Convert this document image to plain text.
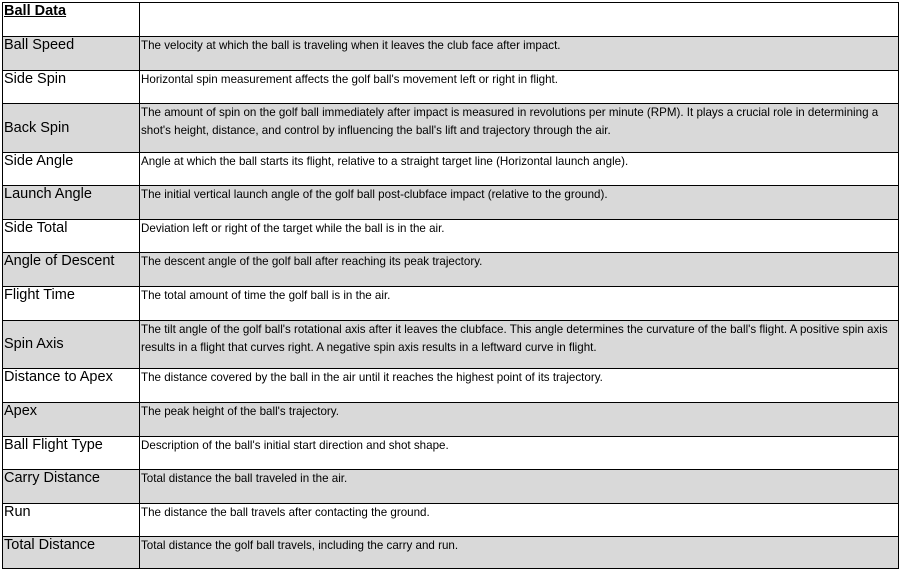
Ball Data	
Ball Speed	The velocity at which the ball is traveling when it leaves the club face after impact.
Side Spin	Horizontal spin measurement affects the golf ball's movement left or right in flight.
Back Spin	The amount of spin on the golf ball immediately after impact is measured in revolutions per minute (RPM). It plays a crucial role in determining a shot's height, distance, and control by influencing the ball's lift and trajectory through the air.
Side Angle	Angle at which the ball starts its flight, relative to a straight target line (Horizontal launch angle).
Launch Angle	The initial vertical launch angle of the golf ball post-clubface impact (relative to the ground).
Side Total	Deviation left or right of the target while the ball is in the air.
Angle of Descent	The descent angle of the golf ball after reaching its peak trajectory.
Flight Time	The total amount of time the golf ball is in the air.
Spin Axis	The tilt angle of the golf ball's rotational axis after it leaves the clubface. This angle determines the curvature of the ball's flight. A positive spin axis results in a flight that curves right. A negative spin axis results in a leftward curve in flight.
Distance to Apex	The distance covered by the ball in the air until it reaches the highest point of its trajectory.
Apex	The peak height of the ball's trajectory.
Ball Flight Type	Description of the ball's initial start direction and shot shape.
Carry Distance	Total distance the ball traveled in the air.
Run	The distance the ball travels after contacting the ground.
Total Distance	Total distance the golf ball travels, including the carry and run.
